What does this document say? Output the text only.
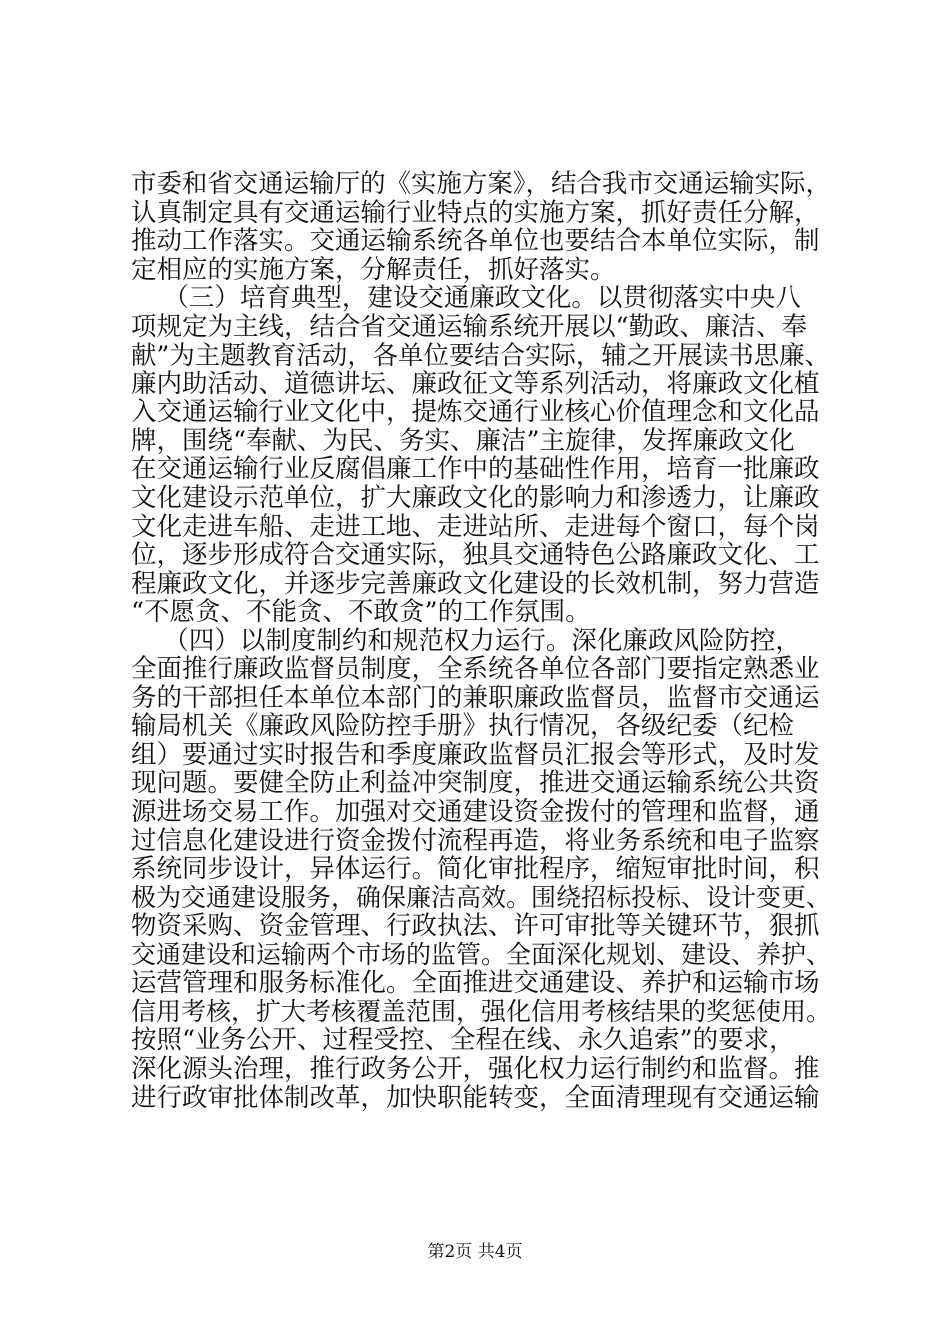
市委和省交通运输厅的《实施方案》，结合我市交通运输实际，
认真制定具有交通运输行业特点的实施方案，抓好责任分解，
推动工作落实。交通运输系统各单位也要结合本单位实际，制
定相应的实施方案，分解责任，抓好落实。
（三）培育典型，建设交通廉政文化。以贯彻落实中央八
项规定为主线，结合省交通运输系统开展以“勤政、廉洁、奉
献”为主题教育活动，各单位要结合实际，辅之开展读书思廉、
廉内助活动、道德讲坛、廉政征文等系列活动，将廉政文化植
入交通运输行业文化中，提炼交通行业核心价值理念和文化品
牌，围绕“奉献、为民、务实、廉洁”主旋律，发挥廉政文化
在交通运输行业反腐倡廉工作中的基础性作用，培育一批廉政
文化建设示范单位，扩大廉政文化的影响力和渗透力，让廉政
文化走进车船、走进工地、走进站所、走进每个窗口，每个岗
位，逐步形成符合交通实际，独具交通特色公路廉政文化、工
程廉政文化，并逐步完善廉政文化建设的长效机制，努力营造
“不愿贪、不能贪、不敢贪”的工作氛围。
（四）以制度制约和规范权力运行。深化廉政风险防控，
全面推行廉政监督员制度，全系统各单位各部门要指定熟悉业
务的干部担任本单位本部门的兼职廉政监督员，监督市交通运
输局机关《廉政风险防控手册》执行情况，各级纪委（纪检
组）要通过实时报告和季度廉政监督员汇报会等形式，及时发
现问题。要健全防止利益冲突制度，推进交通运输系统公共资
源进场交易工作。加强对交通建设资金拨付的管理和监督，通
过信息化建设进行资金拨付流程再造，将业务系统和电子监察
系统同步设计，异体运行。简化审批程序，缩短审批时间，积
极为交通建设服务，确保廉洁高效。围绕招标投标、设计变更、
物资采购、资金管理、行政执法、许可审批等关键环节，狠抓
交通建设和运输两个市场的监管。全面深化规划、建设、养护、
运营管理和服务标准化。全面推进交通建设、养护和运输市场
信用考核，扩大考核覆盖范围，强化信用考核结果的奖惩使用。
按照“业务公开、过程受控、全程在线、永久追索”的要求，
深化源头治理，推行政务公开，强化权力运行制约和监督。推
进行政审批体制改革，加快职能转变，全面清理现有交通运输
第2页 共4页
